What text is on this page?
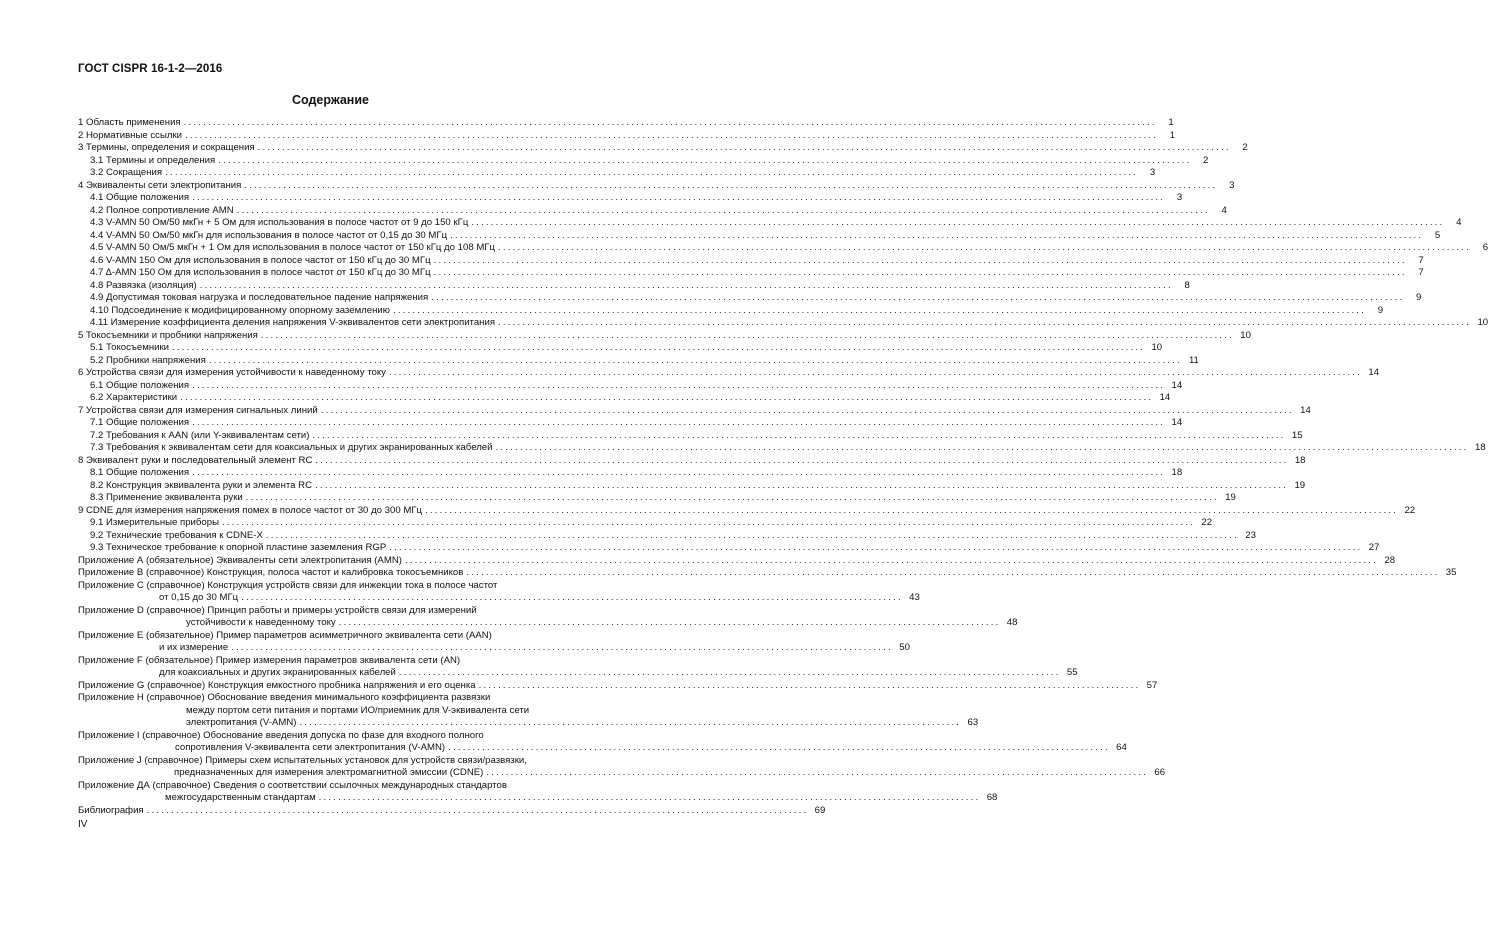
ГОСТ CISPR 16-1-2—2016
Содержание
1 Область применения ........................................................................................................................................................................................................	1
2 Нормативные ссылки ........................................................................................................................................................................................................	1
3 Термины, определения и сокращения ........................................................................................................................................................................................................	2
3.1 Термины и определения ........................................................................................................................................................................................................	2
3.2 Сокращения ........................................................................................................................................................................................................	3
4 Эквиваленты сети электропитания ........................................................................................................................................................................................................	3
4.1 Общие положения ........................................................................................................................................................................................................	3
4.2 Полное сопротивление AMN ........................................................................................................................................................................................................	4
4.3 V-AMN 50 Ом/50 мкГн + 5 Ом для использования в полосе частот от 9 до 150 кГц ........................................................................................................................................................................................................	4
4.4 V-AMN 50 Ом/50 мкГн для использования в полосе частот от 0,15 до 30 МГц ........................................................................................................................................................................................................	5
4.5 V-AMN 50 Ом/5 мкГн + 1 Ом для использования в полосе частот от 150 кГц до 108 МГц ........................................................................................................................................................................................................	6
4.6 V-AMN 150 Ом для использования в полосе частот от 150 кГц до 30 МГц ........................................................................................................................................................................................................	7
4.7 Δ-AMN 150 Ом для использования в полосе частот от 150 кГц до 30 МГц ........................................................................................................................................................................................................	7
4.8 Развязка (изоляция) ........................................................................................................................................................................................................	8
4.9 Допустимая токовая нагрузка и последовательное падение напряжения ........................................................................................................................................................................................................	9
4.10 Подсоединение к модифицированному опорному заземлению ........................................................................................................................................................................................................	9
4.11 Измерение коэффициента деления напряжения V-эквивалентов сети электропитания ........................................................................................................................................................................................................ 10
5 Токосъемники и пробники напряжения ........................................................................................................................................................................................................ 10
5.1 Токосъемники ........................................................................................................................................................................................................ 10
5.2 Пробники напряжения ........................................................................................................................................................................................................ 11
6 Устройства связи для измерения устойчивости к наведенному току ........................................................................................................................................................................................................ 14
6.1 Общие положения ........................................................................................................................................................................................................ 14
6.2 Характеристики ........................................................................................................................................................................................................ 14
7 Устройства связи для измерения сигнальных линий ........................................................................................................................................................................................................ 14
7.1 Общие положения ........................................................................................................................................................................................................ 14
7.2 Требования к AAN (или Y-эквивалентам сети) ........................................................................................................................................................................................................ 15
7.3 Требования к эквивалентам сети для коаксиальных и других экранированных кабелей ........................................................................................................................................................................................................ 18
8 Эквивалент руки и последовательный элемент RC ........................................................................................................................................................................................................ 18
8.1 Общие положения ........................................................................................................................................................................................................ 18
8.2 Конструкция эквивалента руки и элемента RC ........................................................................................................................................................................................................ 19
8.3 Применение эквивалента руки ........................................................................................................................................................................................................ 19
9 CDNE для измерения напряжения помех в полосе частот от 30 до 300 МГц ........................................................................................................................................................................................................ 22
9.1 Измерительные приборы ........................................................................................................................................................................................................ 22
9.2 Технические требования к CDNE-X ........................................................................................................................................................................................................ 23
9.3 Техническое требование к опорной пластине заземления RGP ........................................................................................................................................................................................................ 27
Приложение А (обязательное) Эквиваленты сети электропитания (AMN) ........................................................................................................................................................................................................ 28
Приложение В (справочное) Конструкция, полоса частот и калибровка токосъемников ........................................................................................................................................................................................................ 35
Приложение С (справочное) Конструкция устройств связи для инжекции тока в полосе частот
от 0,15 до 30 МГц ........................................................................................................................................ 43
Приложение D (справочное) Принцип работы и примеры устройств связи для измерений
устойчивости к наведенному току ........................................................................................................................................ 48
Приложение Е (обязательное) Пример параметров асимметричного эквивалента сети (AAN)
и их измерение ........................................................................................................................................ 50
Приложение F (обязательное) Пример измерения параметров эквивалента сети (AN)
для коаксиальных и других экранированных кабелей ........................................................................................................................................ 55
Приложение G (справочное) Конструкция емкостного пробника напряжения и его оценка ........................................................................................................................................ 57
Приложение Н (справочное) Обоснование введения минимального коэффициента развязки
между портом сети питания и портами ИО/приемник для V-эквивалента сети
электропитания (V-AMN) ........................................................................................................................................ 63
Приложение I (справочное) Обоснование введения допуска по фазе для входного полного
сопротивления V-эквивалента сети электропитания (V-AMN) ........................................................................................................................................ 64
Приложение J (справочное) Примеры схем испытательных установок для устройств связи/развязки,
предназначенных для измерения электромагнитной эмиссии (CDNE) ........................................................................................................................................ 66
Приложение ДА (справочное) Сведения о соответствии ссылочных международных стандартов
межгосударственным стандартам ........................................................................................................................................ 68
Библиография ........................................................................................................................................ 69
IV
